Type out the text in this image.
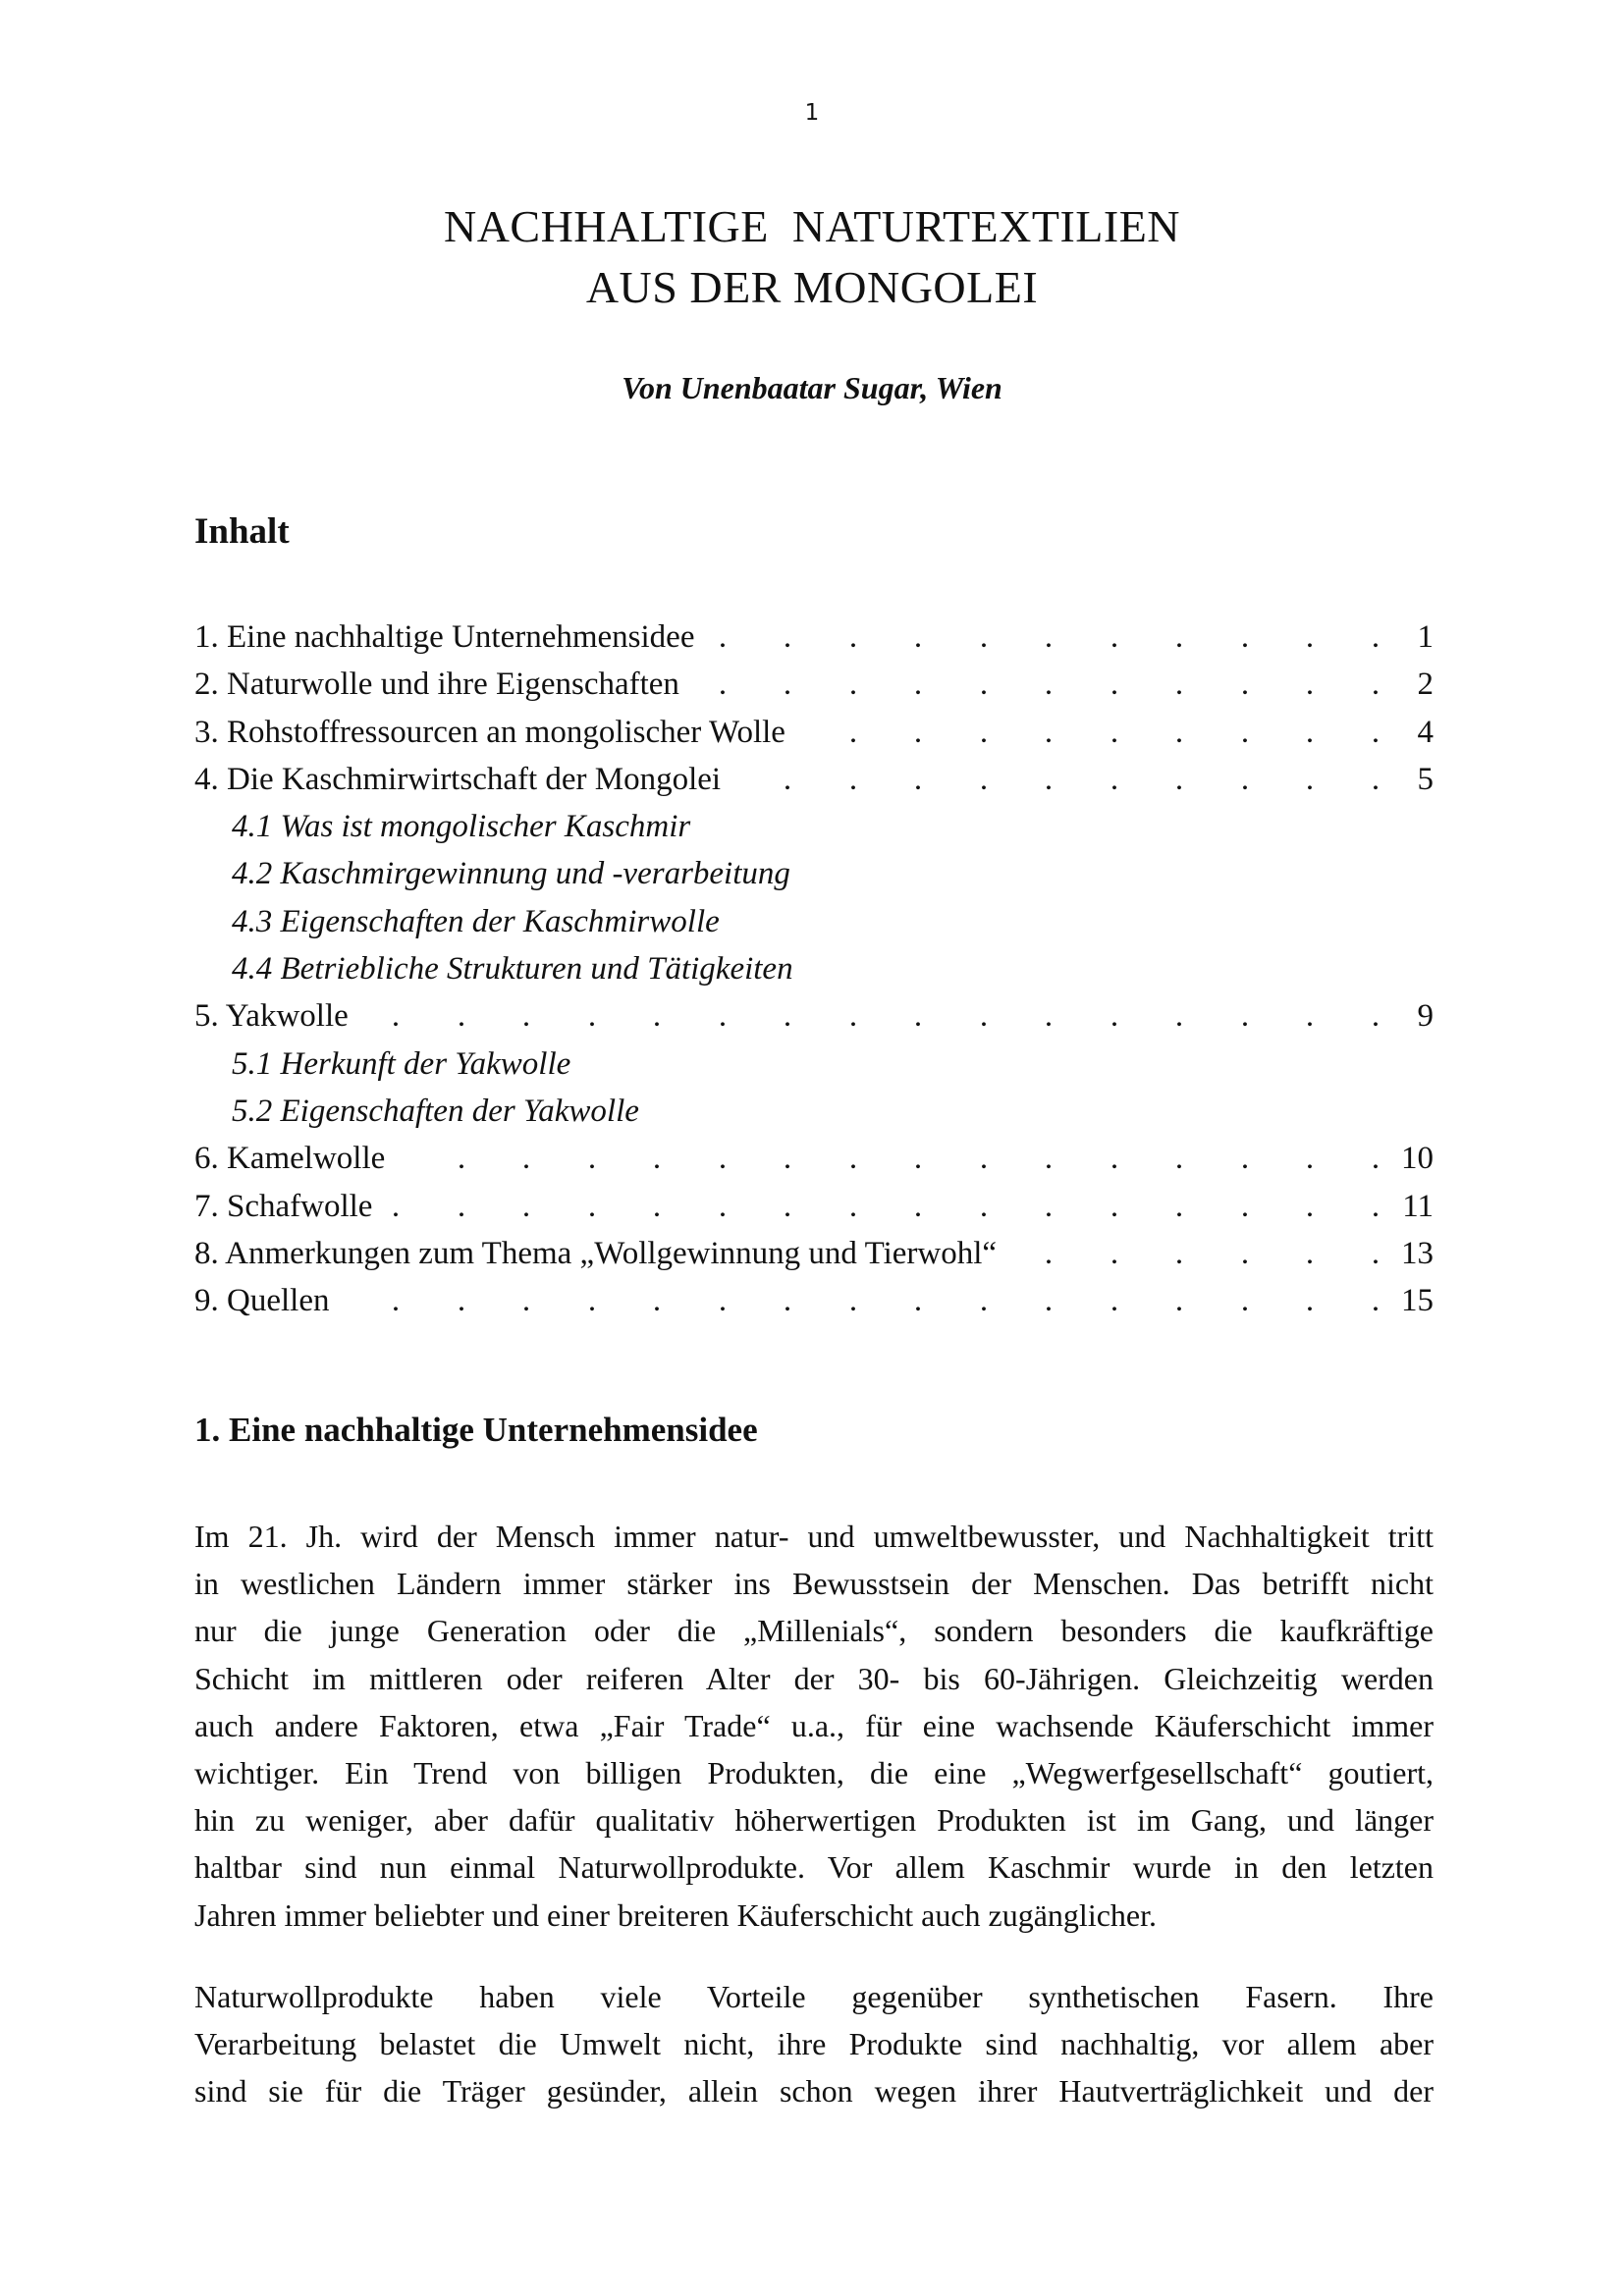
1
NACHHALTIGE  NATURTEXTILIEN
AUS DER MONGOLEI
Von Unenbaatar Sugar, Wien
Inhalt
1. Eine nachhaltige Unternehmensidee . . . . . . . . . . . 1
2. Naturwolle und ihre Eigenschaften . . . . . . . . . . . 2
3. Rohstoffressourcen an mongolischer Wolle . . . . . . . . . 4
4. Die Kaschmirwirtschaft der Mongolei . . . . . . . . . . 5
4.1 Was ist mongolischer Kaschmir
4.2 Kaschmirgewinnung und -verarbeitung
4.3 Eigenschaften der Kaschmirwolle
4.4 Betriebliche Strukturen und Tätigkeiten
5. Yakwolle . . . . . . . . . . . . . . . . 9
5.1 Herkunft der Yakwolle
5.2 Eigenschaften der Yakwolle
6. Kamelwolle . . . . . . . . . . . . . . . 10
7. Schafwolle . . . . . . . . . . . . . . . . 11
8. Anmerkungen zum Thema „Wollgewinnung und Tierwohl“ . . . . . . 13
9. Quellen . . . . . . . . . . . . . . . . 15
1. Eine nachhaltige Unternehmensidee
Im 21. Jh. wird der Mensch immer natur- und umweltbewusster, und Nachhaltigkeit tritt
in westlichen Ländern immer stärker ins Bewusstsein der Menschen. Das betrifft nicht
nur die junge Generation oder die „Millenials“, sondern besonders die kaufkräftige
Schicht im mittleren oder reiferen Alter der 30- bis 60-Jährigen. Gleichzeitig werden
auch andere Faktoren, etwa „Fair Trade“ u.a., für eine wachsende Käuferschicht immer
wichtiger. Ein Trend von billigen Produkten, die eine „Wegwerfgesellschaft“ goutiert,
hin zu weniger, aber dafür qualitativ höherwertigen Produkten ist im Gang, und länger
haltbar sind nun einmal Naturwollprodukte. Vor allem Kaschmir wurde in den letzten
Jahren immer beliebter und einer breiteren Käuferschicht auch zugänglicher.
Naturwollprodukte haben viele Vorteile gegenüber synthetischen Fasern. Ihre
Verarbeitung belastet die Umwelt nicht, ihre Produkte sind nachhaltig, vor allem aber
sind sie für die Träger gesünder, allein schon wegen ihrer Hautverträglichkeit und der
